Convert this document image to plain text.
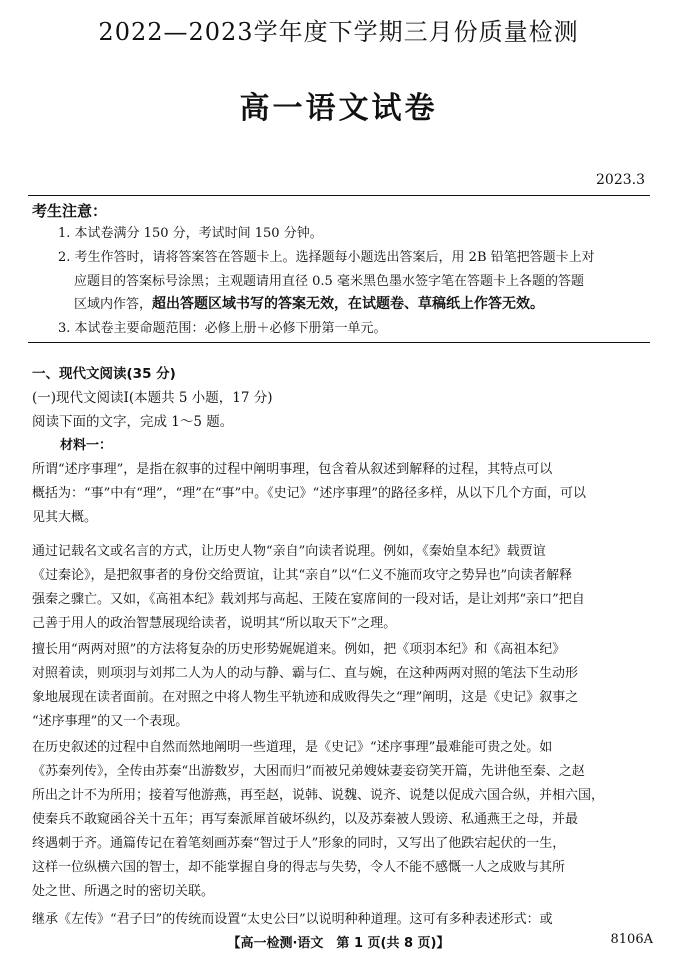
2022—2023学年度下学期三月份质量检测
高一语文试卷
2023.3
考生注意：
1. 本试卷满分 150 分，考试时间 150 分钟。
2. 考生作答时，请将答案答在答题卡上。选择题每小题选出答案后，用 2B 铅笔把答题卡上对
应题目的答案标号涂黑；主观题请用直径 0.5 毫米黑色墨水签字笔在答题卡上各题的答题
区域内作答，超出答题区域书写的答案无效，在试题卷、草稿纸上作答无效。
3. 本试卷主要命题范围：必修上册＋必修下册第一单元。
一、现代文阅读(35 分)
(一)现代文阅读Ⅰ(本题共 5 小题，17 分)
阅读下面的文字，完成 1～5 题。
材料一：
所谓“述序事理”，是指在叙事的过程中阐明事理，包含着从叙述到解释的过程，其特点可以
概括为：“事”中有“理”，“理”在“事”中。《史记》“述序事理”的路径多样，从以下几个方面，可以
见其大概。
通过记载名文或名言的方式，让历史人物“亲自”向读者说理。例如，《秦始皇本纪》载贾谊
《过秦论》，是把叙事者的身份交给贾谊，让其“亲自”以“仁义不施而攻守之势异也”向读者解释
强秦之骤亡。又如，《高祖本纪》载刘邦与高起、王陵在宴席间的一段对话，是让刘邦“亲口”把自
己善于用人的政治智慧展现给读者，说明其“所以取天下”之理。
擅长用“两两对照”的方法将复杂的历史形势娓娓道来。例如，把《项羽本纪》和《高祖本纪》
对照着读，则项羽与刘邦二人为人的动与静、霸与仁、直与婉，在这种两两对照的笔法下生动形
象地展现在读者面前。在对照之中将人物生平轨迹和成败得失之“理”阐明，这是《史记》叙事之
“述序事理”的又一个表现。
在历史叙述的过程中自然而然地阐明一些道理，是《史记》“述序事理”最难能可贵之处。如
《苏秦列传》，全传由苏秦“出游数岁，大困而归”而被兄弟嫂妹妻妾窃笑开篇，先讲他至秦、之赵
所出之计不为所用；接着写他游燕，再至赵，说韩、说魏、说齐、说楚以促成六国合纵，并相六国，
使秦兵不敢窥函谷关十五年；再写秦派犀首破坏纵约，以及苏秦被人毁谤、私通燕王之母，并最
终遇刺于齐。通篇传记在着笔刻画苏秦“智过于人”形象的同时，又写出了他跌宕起伏的一生，
这样一位纵横六国的智士，却不能掌握自身的得志与失势，令人不能不感慨一人之成败与其所
处之世、所遇之时的密切关联。
继承《左传》“君子曰”的传统而设置“太史公曰”以说明种种道理。这可有多种表述形式：或
【高一检测·语文　第 1 页(共 8 页)】	8106A
